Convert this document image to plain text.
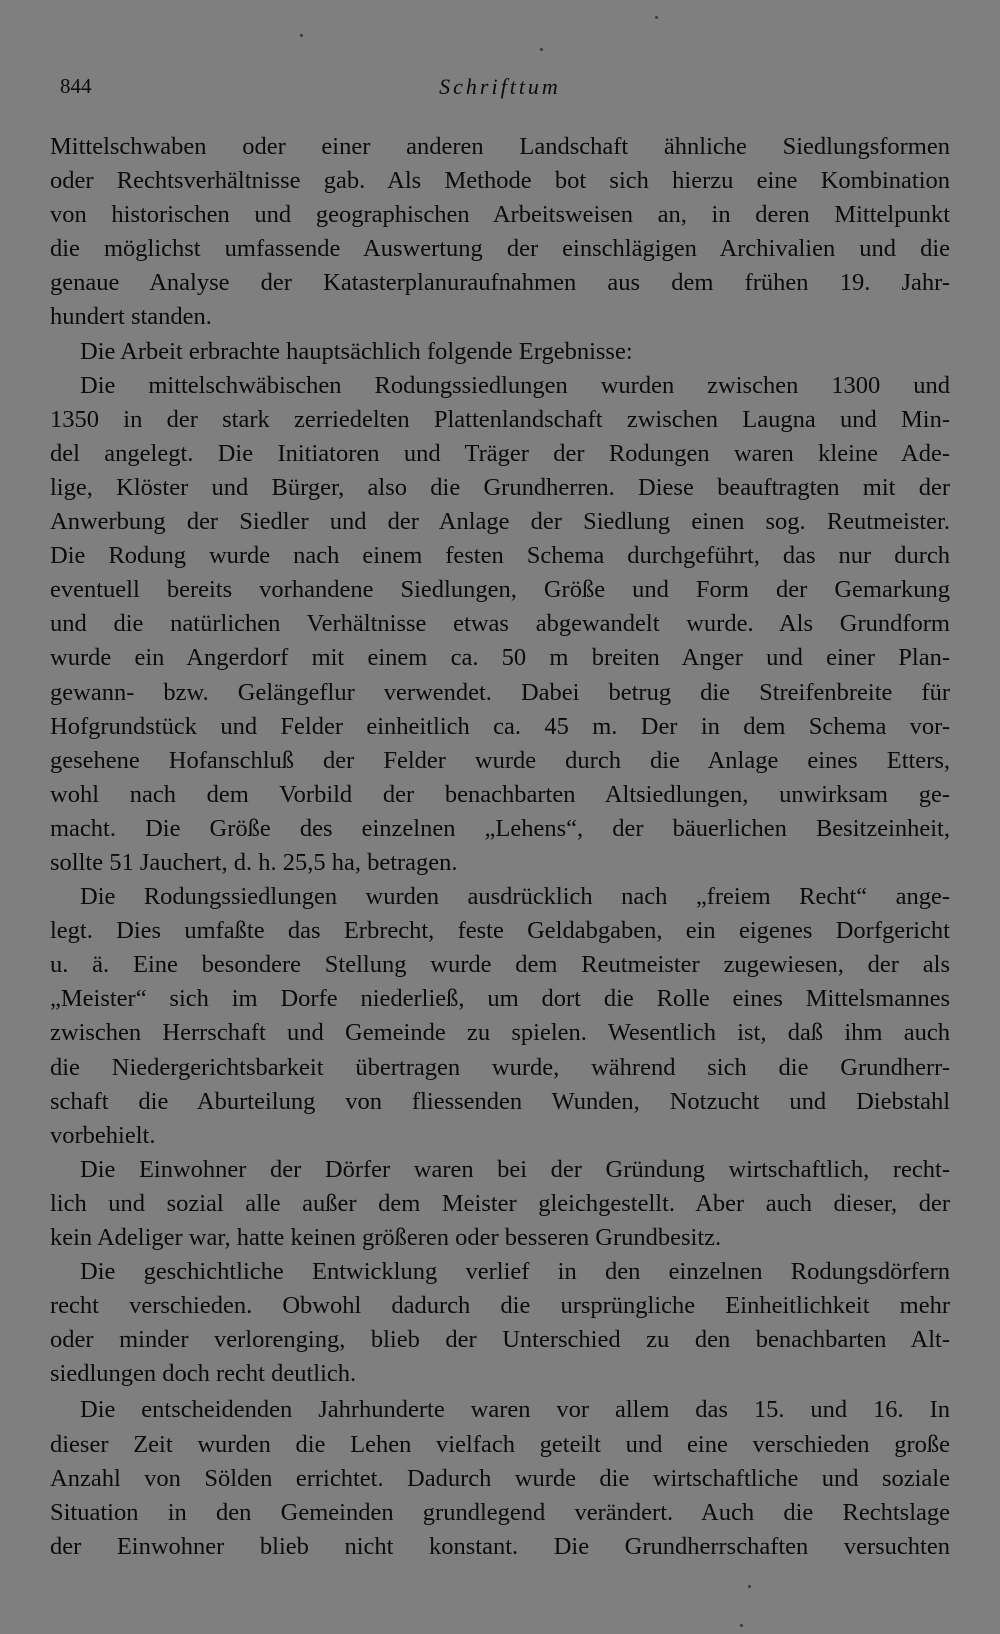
844	Schrifttum
Mittelschwaben oder einer anderen Landschaft ähnliche Siedlungsformen
oder Rechtsverhältnisse gab. Als Methode bot sich hierzu eine Kombination
von historischen und geographischen Arbeitsweisen an, in deren Mittelpunkt
die möglichst umfassende Auswertung der einschlägigen Archivalien und die
genaue Analyse der Katasterplanuraufnahmen aus dem frühen 19. Jahr-
hundert standen.
Die Arbeit erbrachte hauptsächlich folgende Ergebnisse:
Die mittelschwäbischen Rodungssiedlungen wurden zwischen 1300 und
1350 in der stark zerriedelten Plattenlandschaft zwischen Laugna und Min-
del angelegt. Die Initiatoren und Träger der Rodungen waren kleine Ade-
lige, Klöster und Bürger, also die Grundherren. Diese beauftragten mit der
Anwerbung der Siedler und der Anlage der Siedlung einen sog. Reutmeister.
Die Rodung wurde nach einem festen Schema durchgeführt, das nur durch
eventuell bereits vorhandene Siedlungen, Größe und Form der Gemarkung
und die natürlichen Verhältnisse etwas abgewandelt wurde. Als Grundform
wurde ein Angerdorf mit einem ca. 50 m breiten Anger und einer Plan-
gewann- bzw. Gelängeflur verwendet. Dabei betrug die Streifenbreite für
Hofgrundstück und Felder einheitlich ca. 45 m. Der in dem Schema vor-
gesehene Hofanschluß der Felder wurde durch die Anlage eines Etters,
wohl nach dem Vorbild der benachbarten Altsiedlungen, unwirksam ge-
macht. Die Größe des einzelnen „Lehens“, der bäuerlichen Besitzeinheit,
sollte 51 Jauchert, d. h. 25,5 ha, betragen.
Die Rodungssiedlungen wurden ausdrücklich nach „freiem Recht“ ange-
legt. Dies umfaßte das Erbrecht, feste Geldabgaben, ein eigenes Dorfgericht
u. ä. Eine besondere Stellung wurde dem Reutmeister zugewiesen, der als
„Meister“ sich im Dorfe niederließ, um dort die Rolle eines Mittelsmannes
zwischen Herrschaft und Gemeinde zu spielen. Wesentlich ist, daß ihm auch
die Niedergerichtsbarkeit übertragen wurde, während sich die Grundherr-
schaft die Aburteilung von fliessenden Wunden, Notzucht und Diebstahl
vorbehielt.
Die Einwohner der Dörfer waren bei der Gründung wirtschaftlich, recht-
lich und sozial alle außer dem Meister gleichgestellt. Aber auch dieser, der
kein Adeliger war, hatte keinen größeren oder besseren Grundbesitz.
Die geschichtliche Entwicklung verlief in den einzelnen Rodungsdörfern
recht verschieden. Obwohl dadurch die ursprüngliche Einheitlichkeit mehr
oder minder verlorenging, blieb der Unterschied zu den benachbarten Alt-
siedlungen doch recht deutlich.
Die entscheidenden Jahrhunderte waren vor allem das 15. und 16. In
dieser Zeit wurden die Lehen vielfach geteilt und eine verschieden große
Anzahl von Sölden errichtet. Dadurch wurde die wirtschaftliche und soziale
Situation in den Gemeinden grundlegend verändert. Auch die Rechtslage
der Einwohner blieb nicht konstant. Die Grundherrschaften versuchten
